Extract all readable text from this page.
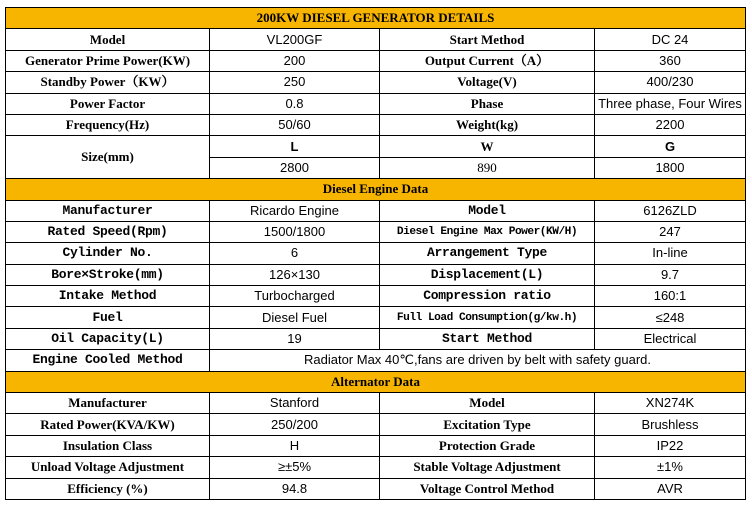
200KW DIESEL GENERATOR DETAILS			
Model	VL200GF	Start Method	DC 24
Generator Prime Power(KW)	200	Output Current（A）	360
Standby Power（KW）	250	Voltage(V)	400/230
Power Factor	0.8	Phase	Three phase, Four Wires
Frequency(Hz)	50/60	Weight(kg)	2200
Size(mm)	L	W	G
	2800	890	1800
Diesel Engine Data			
Manufacturer	Ricardo Engine	Model	6126ZLD
Rated Speed(Rpm)	1500/1800	Diesel Engine Max Power(KW/H)	247
Cylinder No.	6	Arrangement Type	In-line
Bore×Stroke(mm)	126×130	Displacement(L)	9.7
Intake Method	Turbocharged	Compression ratio	160:1
Fuel	Diesel Fuel	Full Load Consumption(g/kw.h)	≤248
Oil Capacity(L)	19	Start Method	Electrical
Engine Cooled Method	Radiator Max 40℃,fans are driven by belt with safety guard.		
Alternator Data			
Manufacturer	Stanford	Model	XN274K
Rated Power(KVA/KW)	250/200	Excitation Type	Brushless
Insulation Class	H	Protection Grade	IP22
Unload Voltage Adjustment	≥±5%	Stable Voltage Adjustment	±1%
Efficiency (%)	94.8	Voltage Control Method	AVR
